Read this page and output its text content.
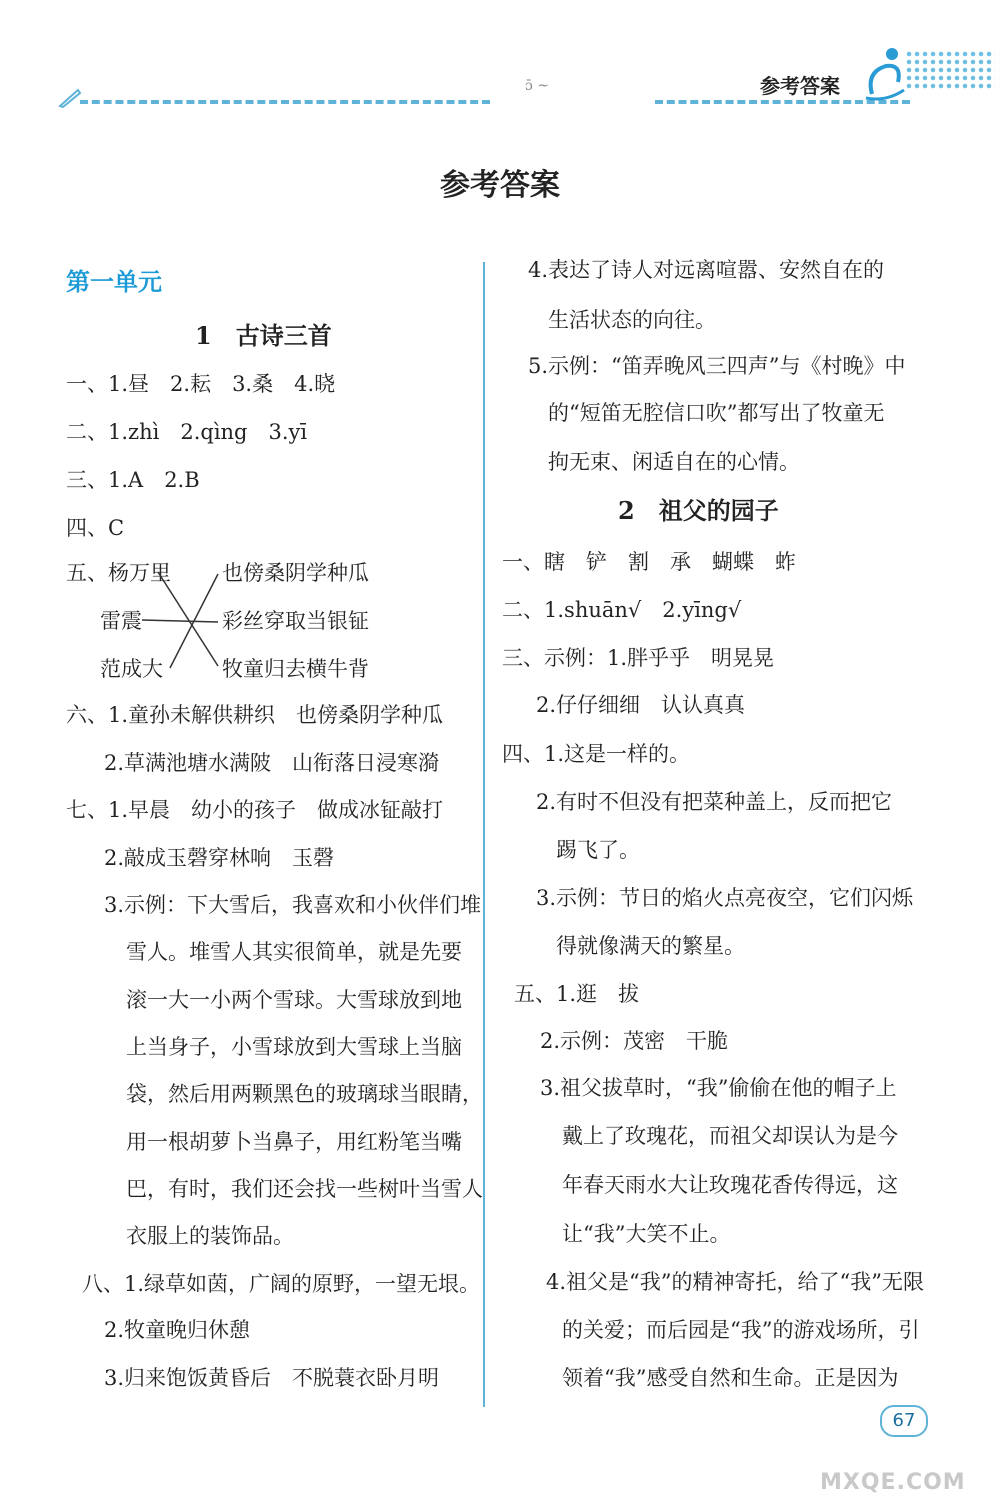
ɔ̄ ~	参考答案
参考答案
第一单元
1　古诗三首
一、1.昼　2.耘　3.桑　4.晓
二、1.zhì　2.qìng　3.yī
三、1.A　2.B
四、C
五、杨万里 也傍桑阴学种瓜
雷震	彩丝穿取当银钲
范成大	牧童归去横牛背
六、1.童孙未解供耕织　也傍桑阴学种瓜
2.草满池塘水满陂　山衔落日浸寒漪
七、1.早晨　幼小的孩子　做成冰钲敲打
2.敲成玉磬穿林响　玉磬
3.示例：下大雪后，我喜欢和小伙伴们堆
雪人。堆雪人其实很简单，就是先要
滚一大一小两个雪球。大雪球放到地
上当身子，小雪球放到大雪球上当脑
袋，然后用两颗黑色的玻璃球当眼睛，
用一根胡萝卜当鼻子，用红粉笔当嘴
巴，有时，我们还会找一些树叶当雪人
衣服上的装饰品。
八、1.绿草如茵，广阔的原野，一望无垠。
2.牧童晚归休憩
3.归来饱饭黄昏后　不脱蓑衣卧月明
4.表达了诗人对远离喧嚣、安然自在的
生活状态的向往。
5.示例：“笛弄晚风三四声”与《村晚》中
的“短笛无腔信口吹”都写出了牧童无
拘无束、闲适自在的心情。
2　祖父的园子
一、瞎　铲　割　承　蝴蝶　蚱
二、1.shuān√　2.yīng√
三、示例：1.胖乎乎　明晃晃
2.仔仔细细　认认真真
四、1.这是一样的。
2.有时不但没有把菜种盖上，反而把它
踢飞了。
3.示例：节日的焰火点亮夜空，它们闪烁
得就像满天的繁星。
五、1.逛　拔
2.示例：茂密　干脆
3.祖父拔草时，“我”偷偷在他的帽子上
戴上了玫瑰花，而祖父却误认为是今
年春天雨水大让玫瑰花香传得远，这
让“我”大笑不止。
4.祖父是“我”的精神寄托，给了“我”无限
的关爱；而后园是“我”的游戏场所，引
领着“我”感受自然和生命。正是因为
67
MXQE.COM
